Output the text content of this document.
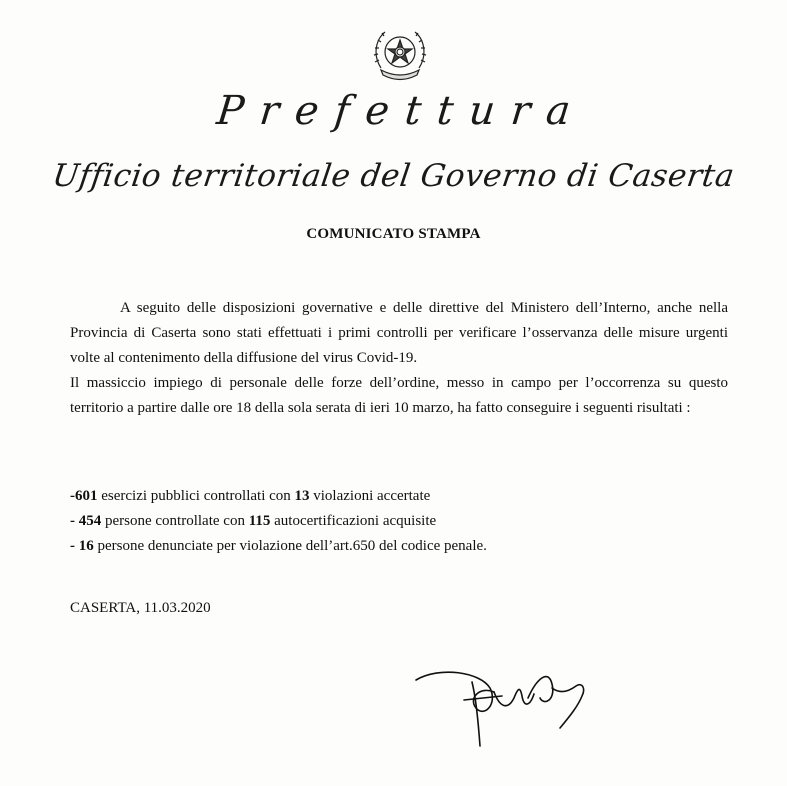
Prefettura
Ufficio territoriale del Governo di Caserta
COMUNICATO STAMPA

A seguito delle disposizioni governative e delle direttive del Ministero dell’Interno, anche nella Provincia di Caserta sono stati effettuati i primi controlli per verificare l’osservanza delle misure urgenti volte al contenimento della diffusione del virus Covid-19.

Il massiccio impiego di personale delle forze dell’ordine, messo in campo per l’occorrenza su questo territorio a partire dalle ore 18 della sola serata di ieri 10 marzo, ha fatto conseguire i seguenti risultati :

-601 esercizi pubblici controllati con 13 violazioni accertate
- 454 persone controllate con 115 autocertificazioni acquisite
- 16 persone denunciate per violazione dell’art.650 del codice penale.
CASERTA, 11.03.2020
